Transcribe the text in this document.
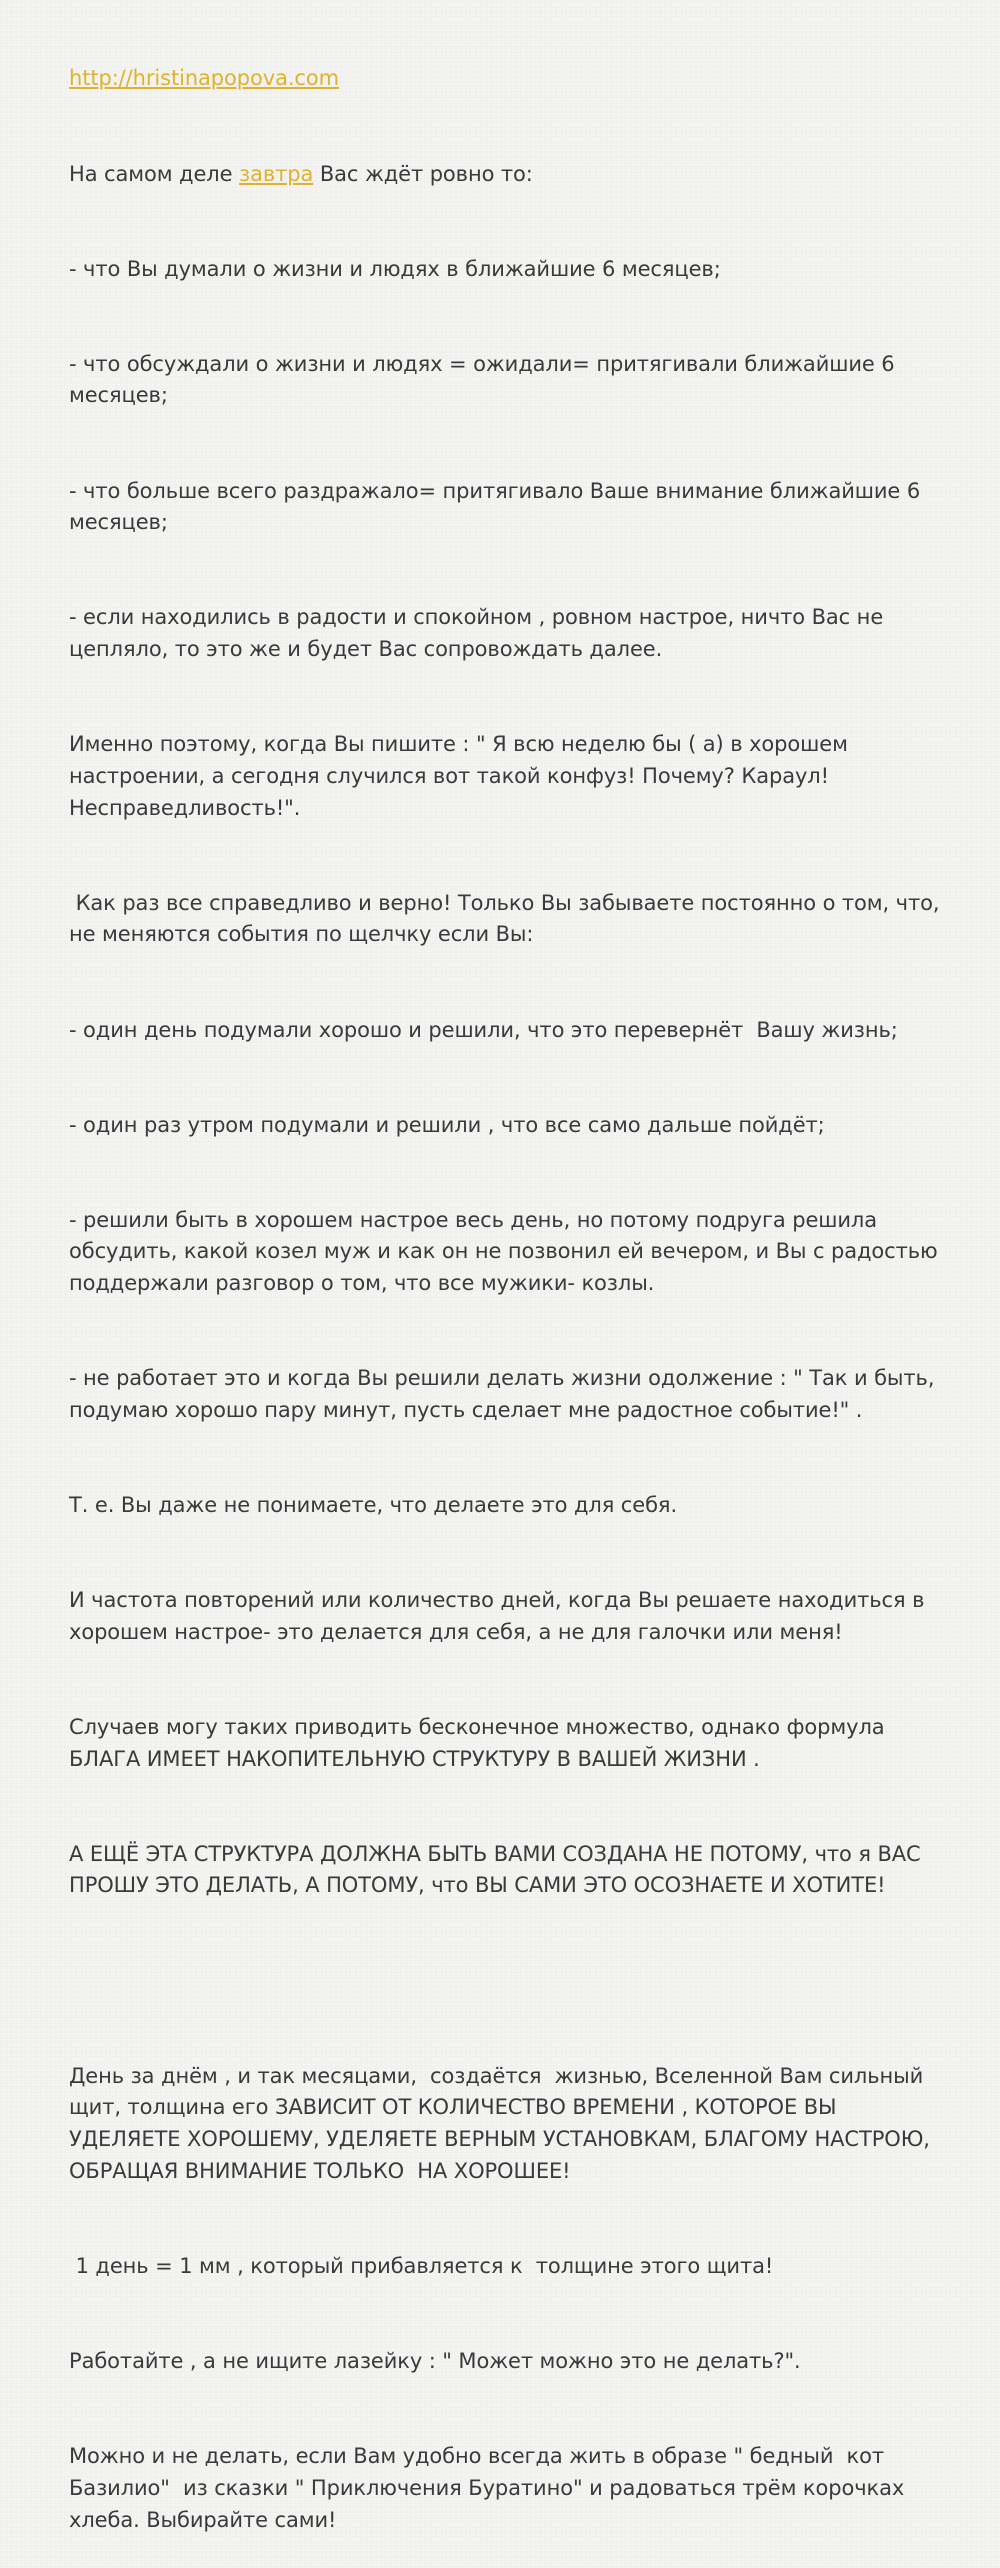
http://hristinapopova.com

На самом деле завтра Вас ждёт ровно то:

- что Вы думали о жизни и людях в ближайшие 6 месяцев;

- что обсуждали о жизни и людях = ожидали= притягивали ближайшие 6 месяцев;

- что больше всего раздражало= притягивало Ваше внимание ближайшие 6 месяцев;

- если находились в радости и спокойном , ровном настрое, ничто Вас не цепляло, то это же и будет Вас сопровождать далее.

Именно поэтому, когда Вы пишите : " Я всю неделю бы ( а) в хорошем настроении, а сегодня случился вот такой конфуз! Почему? Караул! Несправедливость!".

Как раз все справедливо и верно! Только Вы забываете постоянно о том, что, не меняются события по щелчку если Вы:

- один день подумали хорошо и решили, что это перевернёт  Вашу жизнь;

- один раз утром подумали и решили , что все само дальше пойдёт;

- решили быть в хорошем настрое весь день, но потому подруга решила обсудить, какой козел муж и как он не позвонил ей вечером, и Вы с радостью поддержали разговор о том, что все мужики- козлы.

- не работает это и когда Вы решили делать жизни одолжение : " Так и быть, подумаю хорошо пару минут, пусть сделает мне радостное событие!" .

Т. е. Вы даже не понимаете, что делаете это для себя.

И частота повторений или количество дней, когда Вы решаете находиться в хорошем настрое- это делается для себя, а не для галочки или меня!

Случаев могу таких приводить бесконечное множество, однако формула БЛАГА ИМЕЕТ НАКОПИТЕЛЬНУЮ СТРУКТУРУ В ВАШЕЙ ЖИЗНИ .

А ЕЩЁ ЭТА СТРУКТУРА ДОЛЖНА БЫТЬ ВАМИ СОЗДАНА НЕ ПОТОМУ, что я ВАС ПРОШУ ЭТО ДЕЛАТЬ, А ПОТОМУ, что ВЫ САМИ ЭТО ОСОЗНАЕТЕ И ХОТИТЕ!

День за днём , и так месяцами,  создаётся  жизнью, Вселенной Вам сильный щит, толщина его ЗАВИСИТ ОТ КОЛИЧЕСТВО ВРЕМЕНИ , КОТОРОЕ ВЫ УДЕЛЯЕТЕ ХОРОШЕМУ, УДЕЛЯЕТЕ ВЕРНЫМ УСТАНОВКАМ, БЛАГОМУ НАСТРОЮ, ОБРАЩАЯ ВНИМАНИЕ ТОЛЬКО  НА ХОРОШЕЕ!

1 день = 1 мм , который прибавляется к  толщине этого щита!

Работайте , а не ищите лазейку : " Может можно это не делать?".

Можно и не делать, если Вам удобно всегда жить в образе " бедный  кот Базилио"  из сказки " Приключения Буратино" и радоваться трём корочках хлеба. Выбирайте сами!
